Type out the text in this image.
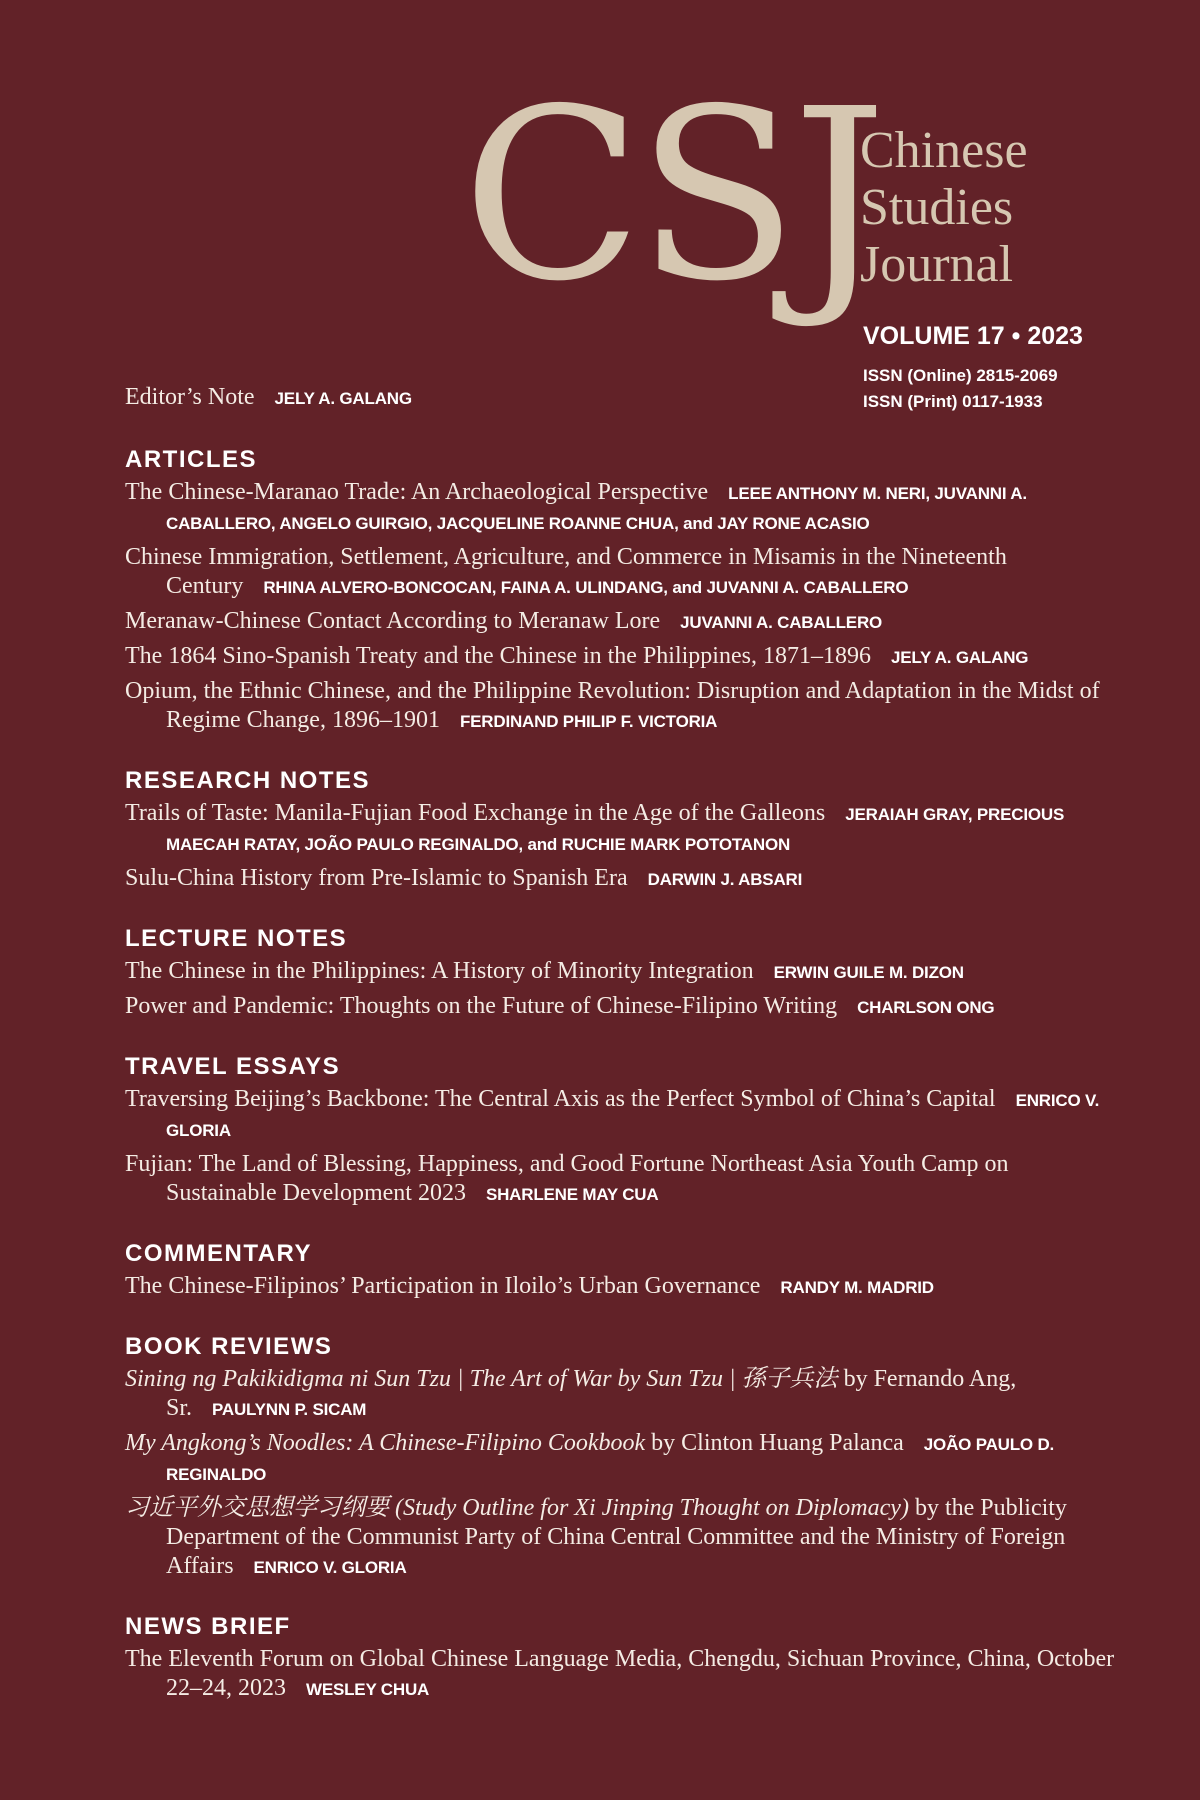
CSJ
Chinese
Studies
Journal
VOLUME 17 • 2023
ISSN (Online) 2815-2069
ISSN (Print) 0117-1933
Editor’s Note JELY A. GALANG
ARTICLES
The Chinese-Maranao Trade: An Archaeological Perspective LEEE ANTHONY M. NERI, JUVANNI A. CABALLERO, ANGELO GUIRGIO, JACQUELINE ROANNE CHUA, and JAY RONE ACASIO
Chinese Immigration, Settlement, Agriculture, and Commerce in Misamis in the Nineteenth Century RHINA ALVERO-BONCOCAN, FAINA A. ULINDANG, and JUVANNI A. CABALLERO
Meranaw-Chinese Contact According to Meranaw Lore JUVANNI A. CABALLERO
The 1864 Sino-Spanish Treaty and the Chinese in the Philippines, 1871–1896 JELY A. GALANG
Opium, the Ethnic Chinese, and the Philippine Revolution: Disruption and Adaptation in the Midst of Regime Change, 1896–1901 FERDINAND PHILIP F. VICTORIA
RESEARCH NOTES
Trails of Taste: Manila-Fujian Food Exchange in the Age of the Galleons JERAIAH GRAY, PRECIOUS MAECAH RATAY, JOÃO PAULO REGINALDO, and RUCHIE MARK POTOTANON
Sulu-China History from Pre-Islamic to Spanish Era DARWIN J. ABSARI
LECTURE NOTES
The Chinese in the Philippines: A History of Minority Integration ERWIN GUILE M. DIZON
Power and Pandemic: Thoughts on the Future of Chinese-Filipino Writing CHARLSON ONG
TRAVEL ESSAYS
Traversing Beijing’s Backbone: The Central Axis as the Perfect Symbol of China’s Capital ENRICO V. GLORIA
Fujian: The Land of Blessing, Happiness, and Good Fortune Northeast Asia Youth Camp on Sustainable Development 2023 SHARLENE MAY CUA
COMMENTARY
The Chinese-Filipinos’ Participation in Iloilo’s Urban Governance RANDY M. MADRID
BOOK REVIEWS
Sining ng Pakikidigma ni Sun Tzu | The Art of War by Sun Tzu | 孫子兵法 by Fernando Ang, Sr. PAULYNN P. SICAM
My Angkong’s Noodles: A Chinese-Filipino Cookbook by Clinton Huang Palanca JOÃO PAULO D. REGINALDO
习近平外交思想学习纲要 (Study Outline for Xi Jinping Thought on Diplomacy) by the Publicity Department of the Communist Party of China Central Committee and the Ministry of Foreign Affairs ENRICO V. GLORIA
NEWS BRIEF
The Eleventh Forum on Global Chinese Language Media, Chengdu, Sichuan Province, China, October 22–24, 2023 WESLEY CHUA
